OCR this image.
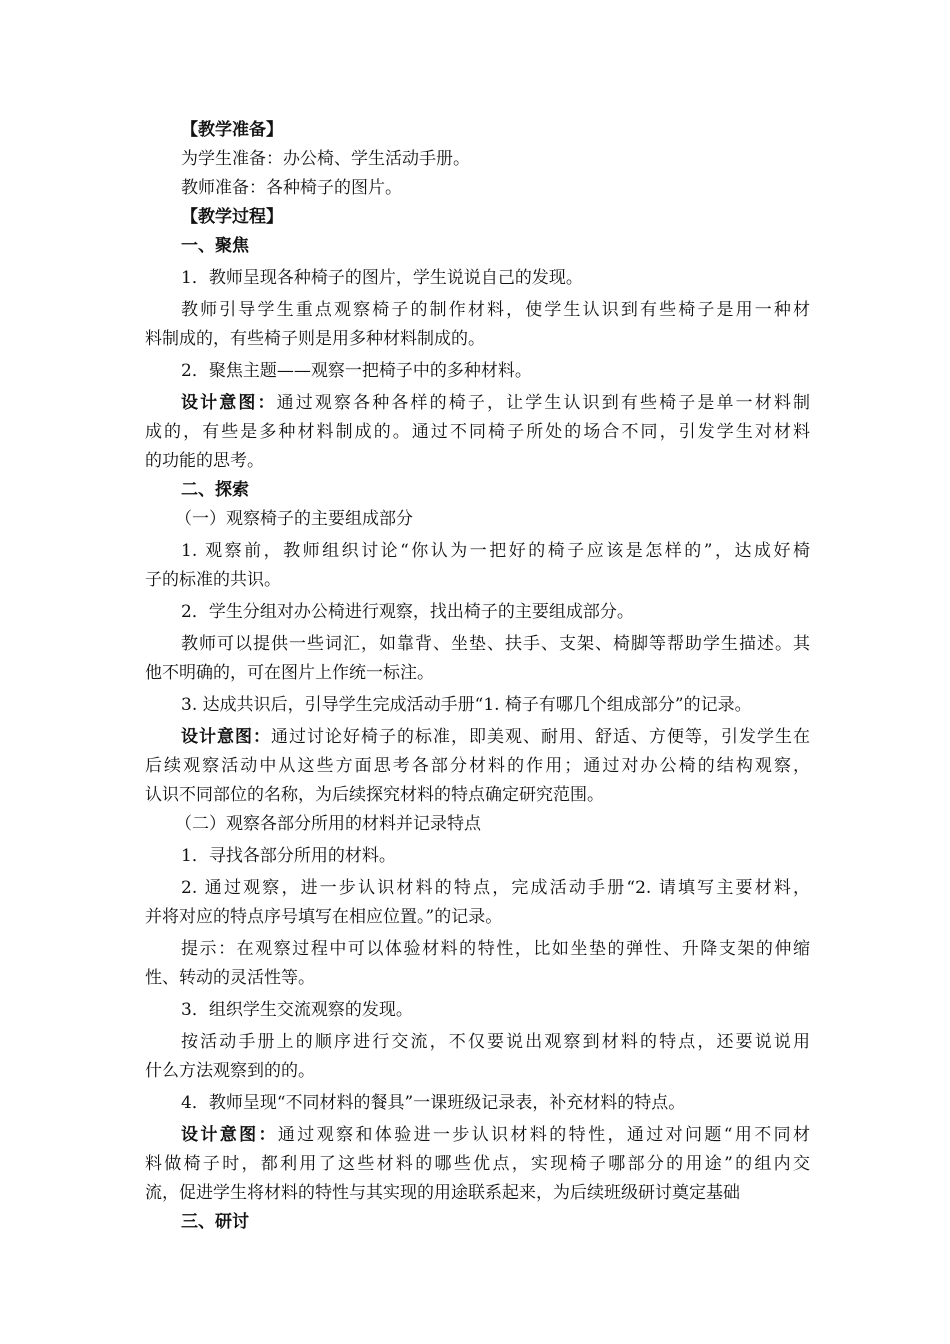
【教学准备】
为学生准备：办公椅、学生活动手册。
教师准备：各种椅子的图片。
【教学过程】
一、聚焦
1．教师呈现各种椅子的图片，学生说说自己的发现。
教师引导学生重点观察椅子的制作材料，使学生认识到有些椅子是用一种材
料制成的，有些椅子则是用多种材料制成的。
2．聚焦主题——观察一把椅子中的多种材料。
设计意图：通过观察各种各样的椅子，让学生认识到有些椅子是单一材料制
成的，有些是多种材料制成的。通过不同椅子所处的场合不同，引发学生对材料
的功能的思考。
二、探索
（一）观察椅子的主要组成部分
1. 观察前，教师组织讨论“你认为一把好的椅子应该是怎样的”，达成好椅
子的标准的共识。
2．学生分组对办公椅进行观察，找出椅子的主要组成部分。
教师可以提供一些词汇，如靠背、坐垫、扶手、支架、椅脚等帮助学生描述。其
他不明确的，可在图片上作统一标注。
3. 达成共识后，引导学生完成活动手册“1. 椅子有哪几个组成部分”的记录。
设计意图：通过讨论好椅子的标准，即美观、耐用、舒适、方便等，引发学生在
后续观察活动中从这些方面思考各部分材料的作用；通过对办公椅的结构观察，
认识不同部位的名称，为后续探究材料的特点确定研究范围。
（二）观察各部分所用的材料并记录特点
1．寻找各部分所用的材料。
2. 通过观察，进一步认识材料的特点，完成活动手册“2. 请填写主要材料，
并将对应的特点序号填写在相应位置。”的记录。
提示：在观察过程中可以体验材料的特性，比如坐垫的弹性、升降支架的伸缩
性、转动的灵活性等。
3．组织学生交流观察的发现。
按活动手册上的顺序进行交流，不仅要说出观察到材料的特点，还要说说用
什么方法观察到的的。
4．教师呈现“不同材料的餐具”一课班级记录表，补充材料的特点。
设计意图：通过观察和体验进一步认识材料的特性，通过对问题“用不同材
料做椅子时，都利用了这些材料的哪些优点，实现椅子哪部分的用途”的组内交
流，促进学生将材料的特性与其实现的用途联系起来，为后续班级研讨奠定基础
三、研讨
